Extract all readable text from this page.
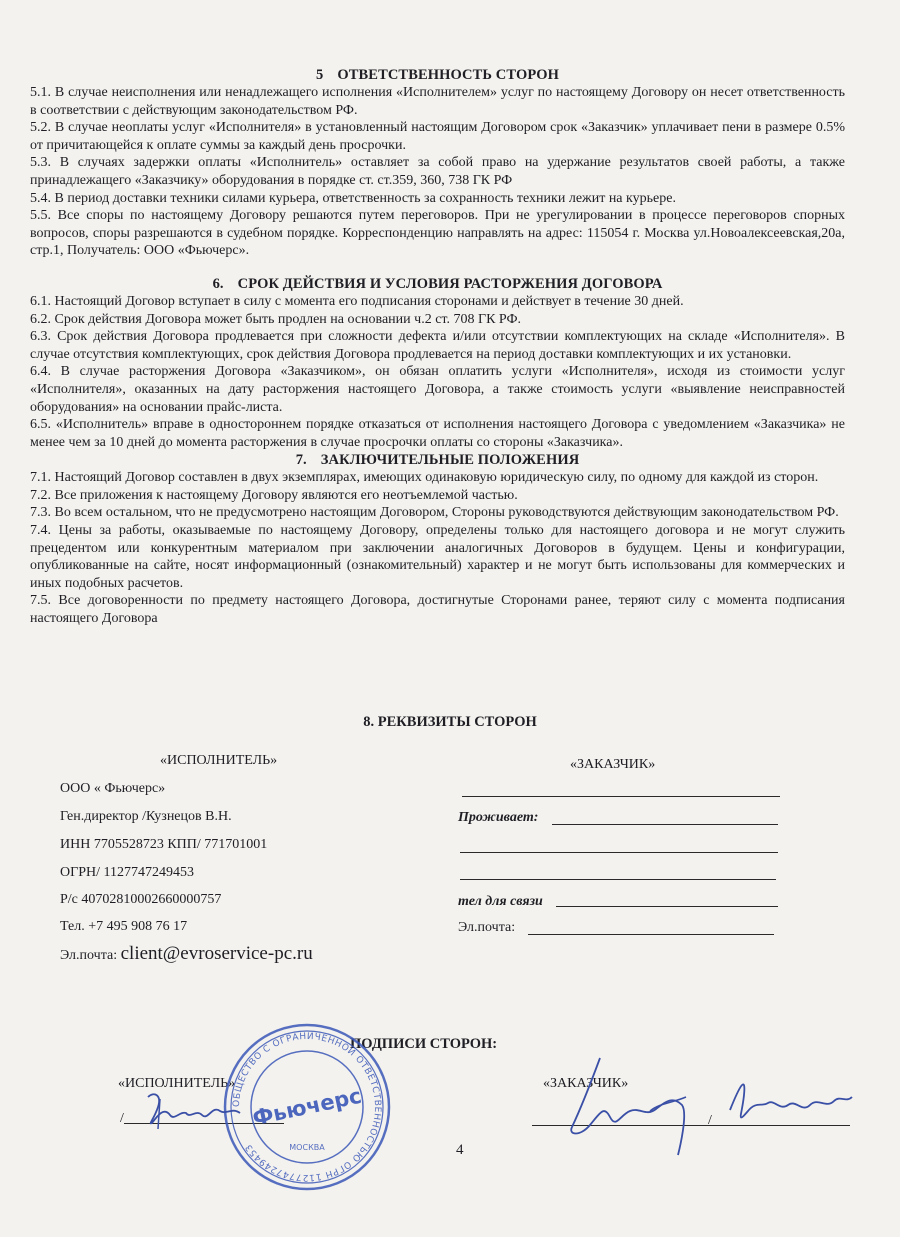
5 ОТВЕТСТВЕННОСТЬ СТОРОН

5.1. В случае неисполнения или ненадлежащего исполнения «Исполнителем» услуг по настоящему Договору он несет ответственность в соответствии с действующим законодательством РФ.

5.2. В случае неоплаты услуг «Исполнителя» в установленный настоящим Договором срок «Заказчик» уплачивает пени в размере 0.5% от причитающейся к оплате суммы за каждый день просрочки.

5.3. В случаях задержки оплаты «Исполнитель» оставляет за собой право на удержание результатов своей работы, а также принадлежащего «Заказчику» оборудования в порядке ст. ст.359, 360, 738 ГК РФ

5.4. В период доставки техники силами курьера, ответственность за сохранность техники лежит на курьере.

5.5. Все споры по настоящему Договору решаются путем переговоров. При не урегулировании в процессе переговоров спорных вопросов, споры разрешаются в судебном порядке. Корреспонденцию направлять на адрес: 115054 г. Москва ул.Новоалексеевская,20а, стр.1, Получатель: ООО «Фьючерс».

6. СРОК ДЕЙСТВИЯ И УСЛОВИЯ РАСТОРЖЕНИЯ ДОГОВОРА

6.1. Настоящий Договор вступает в силу с момента его подписания сторонами и действует в течение 30 дней.

6.2. Срок действия Договора может быть продлен на основании ч.2 ст. 708 ГК РФ.

6.3. Срок действия Договора продлевается при сложности дефекта и/или отсутствии комплектующих на складе «Исполнителя». В случае отсутствия комплектующих, срок действия Договора продлевается на период доставки комплектующих и их установки.

6.4. В случае расторжения Договора «Заказчиком», он обязан оплатить услуги «Исполнителя», исходя из стоимости услуг «Исполнителя», оказанных на дату расторжения настоящего Договора, а также стоимость услуги «выявление неисправностей оборудования» на основании прайс-листа.

6.5. «Исполнитель» вправе в одностороннем порядке отказаться от исполнения настоящего Договора с уведомлением «Заказчика» не менее чем за 10 дней до момента расторжения в случае просрочки оплаты со стороны «Заказчика».

7. ЗАКЛЮЧИТЕЛЬНЫЕ ПОЛОЖЕНИЯ

7.1. Настоящий Договор составлен в двух экземплярах, имеющих одинаковую юридическую силу, по одному для каждой из сторон.

7.2. Все приложения к настоящему Договору являются его неотъемлемой частью.

7.3. Во всем остальном, что не предусмотрено настоящим Договором, Стороны руководствуются действующим законодательством РФ.

7.4. Цены за работы, оказываемые по настоящему Договору, определены только для настоящего договора и не могут служить прецедентом или конкурентным материалом при заключении аналогичных Договоров в будущем. Цены и конфигурации, опубликованные на сайте, носят информационный (ознакомительный) характер и не могут быть использованы для коммерческих и иных подобных расчетов.

7.5. Все договоренности по предмету настоящего Договора, достигнутые Сторонами ранее, теряют силу с момента подписания настоящего Договора

8. РЕКВИЗИТЫ СТОРОН
«ИСПОЛНИТЕЛЬ»
ООО « Фьючерс»
Ген.директор /Кузнецов В.Н.
ИНН 7705528723 КПП/ 771701001
ОГРН/ 1127747249453
Р/с 40702810002660000757
Тел. +7 495 908 76 17
Эл.почта: client@evroservice-pc.ru
«ЗАКАЗЧИК»
Проживает:
тел для связи
Эл.почта:
ПОДПИСИ СТОРОН:
«ИСПОЛНИТЕЛЬ»	«ЗАКАЗЧИК»
/	/
ОБЩЕСТВО С ОГРАНИЧЕННОЙ ОТВЕТСТВЕННОСТЬЮ ОГРН 1127747249453
Фьючерс
МОСКВА	4
